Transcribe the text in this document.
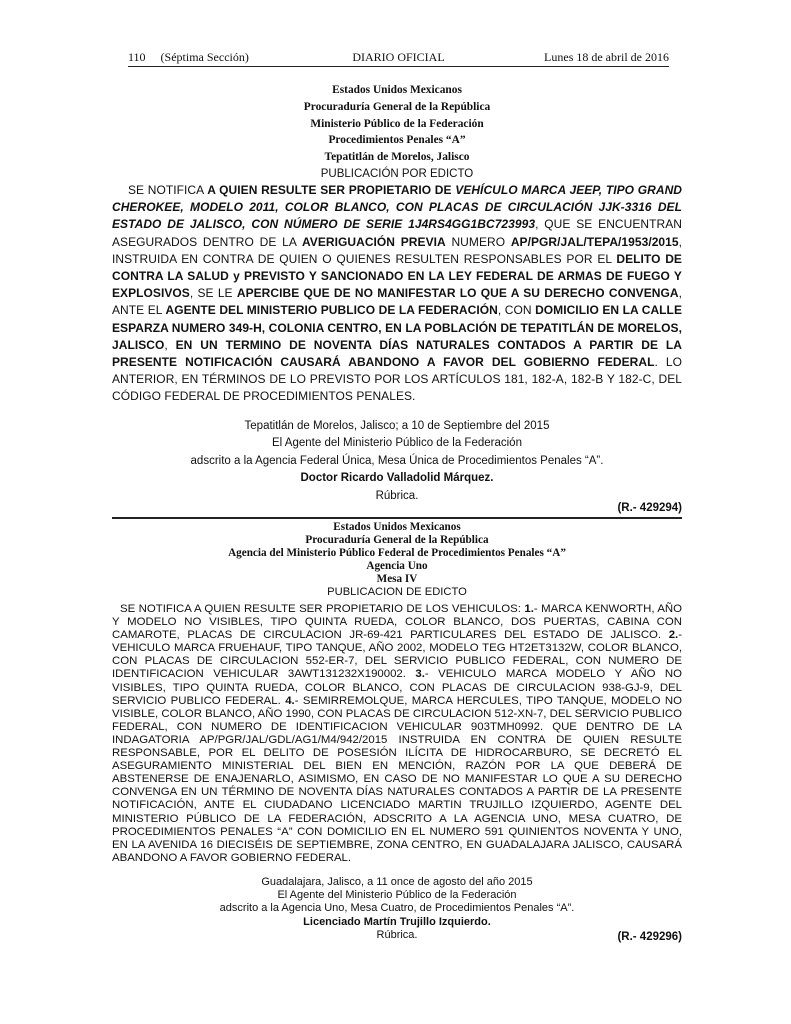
110     (Séptima Sección)	DIARIO OFICIAL	Lunes 18 de abril de 2016
Estados Unidos Mexicanos
Procuraduría General de la República
Ministerio Público de la Federación
Procedimientos Penales “A”
Tepatitlán de Morelos, Jalisco
PUBLICACIÓN POR EDICTO

SE NOTIFICA A QUIEN RESULTE SER PROPIETARIO DE VEHÍCULO MARCA JEEP, TIPO GRAND CHEROKEE, MODELO 2011, COLOR BLANCO, CON PLACAS DE CIRCULACIÓN JJK-3316 DEL ESTADO DE JALISCO, CON NÚMERO DE SERIE 1J4RS4GG1BC723993, QUE SE ENCUENTRAN ASEGURADOS DENTRO DE LA AVERIGUACIÓN PREVIA NUMERO AP/PGR/JAL/TEPA/1953/2015, INSTRUIDA EN CONTRA DE QUIEN O QUIENES RESULTEN RESPONSABLES POR EL DELITO DE CONTRA LA SALUD y PREVISTO Y SANCIONADO EN LA LEY FEDERAL DE ARMAS DE FUEGO Y EXPLOSIVOS, SE LE APERCIBE QUE DE NO MANIFESTAR LO QUE A SU DERECHO CONVENGA, ANTE EL AGENTE DEL MINISTERIO PUBLICO DE LA FEDERACIÓN, CON DOMICILIO EN LA CALLE ESPARZA NUMERO 349-H, COLONIA CENTRO, EN LA POBLACIÓN DE TEPATITLÁN DE MORELOS, JALISCO, EN UN TERMINO DE NOVENTA DÍAS NATURALES CONTADOS A PARTIR DE LA PRESENTE NOTIFICACIÓN CAUSARÁ ABANDONO A FAVOR DEL GOBIERNO FEDERAL. LO ANTERIOR, EN TÉRMINOS DE LO PREVISTO POR LOS ARTÍCULOS 181, 182-A, 182-B Y 182-C, DEL CÓDIGO FEDERAL DE PROCEDIMIENTOS PENALES.

Tepatitlán de Morelos, Jalisco; a 10 de Septiembre del 2015
El Agente del Ministerio Público de la Federación
adscrito a la Agencia Federal Única, Mesa Única de Procedimientos Penales “A”.
Doctor Ricardo Valladolid Márquez.
Rúbrica.
(R.- 429294)
Estados Unidos Mexicanos
Procuraduría General de la República
Agencia del Ministerio Público Federal de Procedimientos Penales “A”
Agencia Uno
Mesa IV
PUBLICACION DE EDICTO

SE NOTIFICA A QUIEN RESULTE SER PROPIETARIO DE LOS VEHICULOS: 1.- MARCA KENWORTH, AÑO Y MODELO NO VISIBLES, TIPO QUINTA RUEDA, COLOR BLANCO, DOS PUERTAS, CABINA CON CAMAROTE, PLACAS DE CIRCULACION JR-69-421 PARTICULARES DEL ESTADO DE JALISCO. 2.- VEHICULO MARCA FRUEHAUF, TIPO TANQUE, AÑO 2002, MODELO TEG HT2ET3132W, COLOR BLANCO, CON PLACAS DE CIRCULACION 552-ER-7, DEL SERVICIO PUBLICO FEDERAL, CON NUMERO DE IDENTIFICACION VEHICULAR 3AWT131232X190002. 3.- VEHICULO MARCA MODELO Y AÑO NO VISIBLES, TIPO QUINTA RUEDA, COLOR BLANCO, CON PLACAS DE CIRCULACION 938-GJ-9, DEL SERVICIO PUBLICO FEDERAL. 4.- SEMIRREMOLQUE, MARCA HERCULES, TIPO TANQUE, MODELO NO VISIBLE, COLOR BLANCO, AÑO 1990, CON PLACAS DE CIRCULACION 512-XN-7, DEL SERVICIO PUBLICO FEDERAL, CON NUMERO DE IDENTIFICACION VEHICULAR 903TMH0992. QUE DENTRO DE LA INDAGATORIA AP/PGR/JAL/GDL/AG1/M4/942/2015 INSTRUIDA EN CONTRA DE QUIEN RESULTE RESPONSABLE, POR EL DELITO DE POSESIÓN ILÍCITA DE HIDROCARBURO, SE DECRETÓ EL ASEGURAMIENTO MINISTERIAL DEL BIEN EN MENCIÓN, RAZÓN POR LA QUE DEBERÁ DE ABSTENERSE DE ENAJENARLO, ASIMISMO, EN CASO DE NO MANIFESTAR LO QUE A SU DERECHO CONVENGA EN UN TÉRMINO DE NOVENTA DÍAS NATURALES CONTADOS A PARTIR DE LA PRESENTE NOTIFICACIÓN, ANTE EL CIUDADANO LICENCIADO MARTIN TRUJILLO IZQUIERDO, AGENTE DEL MINISTERIO PÚBLICO DE LA FEDERACIÓN, ADSCRITO A LA AGENCIA UNO, MESA CUATRO, DE PROCEDIMIENTOS PENALES “A” CON DOMICILIO EN EL NUMERO 591 QUINIENTOS NOVENTA Y UNO, EN LA AVENIDA 16 DIECISÉIS DE SEPTIEMBRE, ZONA CENTRO, EN GUADALAJARA JALISCO, CAUSARÁ ABANDONO A FAVOR GOBIERNO FEDERAL.

Guadalajara, Jalisco, a 11 once de agosto del año 2015
El Agente del Ministerio Público de la Federación
adscrito a la Agencia Uno, Mesa Cuatro, de Procedimientos Penales “A”.
Licenciado Martín Trujillo Izquierdo.
Rúbrica.	(R.- 429296)
